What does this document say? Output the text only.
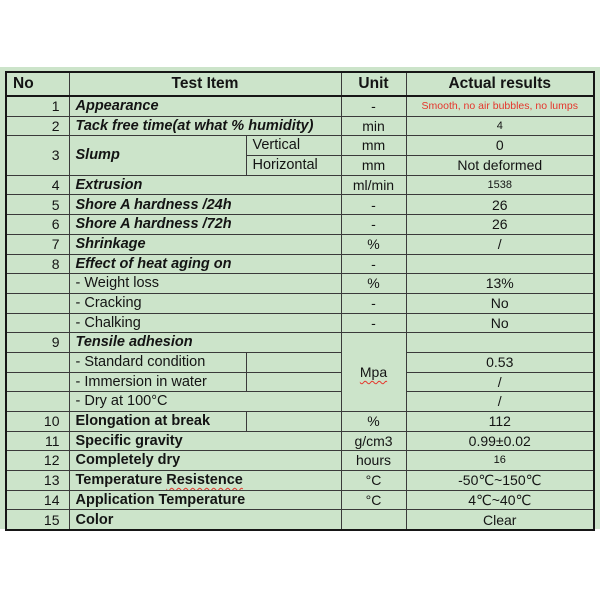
No	Test Item		Unit	Actual results
1	Appearance		-	Smooth, no air bubbles, no lumps
2	Tack free time(at what % humidity)		min	4
3	Slump	Vertical	mm	0
		Horizontal	mm	Not deformed
4	Extrusion		ml/min	1538
5	Shore A hardness /24h		-	26
6	Shore A hardness /72h		-	26
7	Shrinkage		%	/
8	Effect of heat aging on		-	
	- Weight loss		%	13%
	- Cracking		-	No
	- Chalking		-	No
9	Tensile adhesion		Mpa	
	- Standard condition			0.53
	- Immersion in water			/
	- Dry at 100°C			/
10	Elongation at break		%	112
11	Specific gravity		g/cm3	0.99±0.02
12	Completely dry		hours	16
13	Temperature Resistence		°C	-50℃~150℃
14	Application Temperature		°C	4℃~40℃
15	Color			Clear
